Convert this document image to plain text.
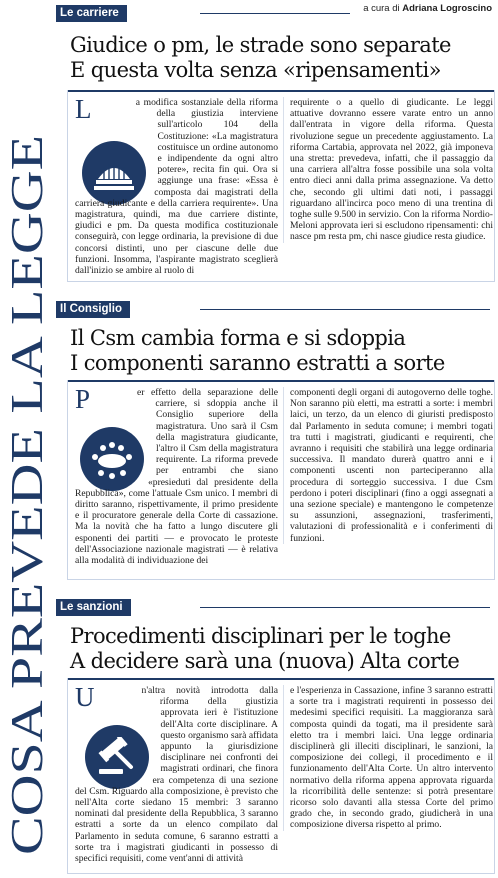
COSA PREVEDE LA LEGGE
a cura di Adriana Logroscino
Le carriere
Giudice o pm, le strade sono separate
E questa volta senza «ripensamenti»
L	a modifica sostanziale della riforma della giustizia interviene sull'articolo 104 della Costituzione: «La magistratura costituisce un ordine autonomo e indipendente da ogni altro potere», recita fin qui. Ora si aggiunge una frase: «Essa è composta dai magistrati della carriera giudicante e della carriera requirente». Una magistratura, quindi, ma due carriere distinte, giudici e pm. Da questa modifica costituzionale conseguirà, con legge ordinaria, la previsione di due concorsi distinti, uno per ciascune delle due funzioni. Insomma, l'aspirante magistrato sceglierà dall'inizio se ambire al ruolo di

requirente o a quello di giudicante. Le leggi attuative dovranno essere varate entro un anno dall'entrata in vigore della riforma. Questa rivoluzione segue un precedente aggiustamento. La riforma Cartabia, approvata nel 2022, già imponeva una stretta: prevedeva, infatti, che il passaggio da una carriera all'altra fosse possibile una sola volta entro dieci anni dalla prima assegnazione. Va detto che, secondo gli ultimi dati noti, i passaggi riguardano all'incirca poco meno di una trentina di toghe sulle 9.500 in servizio. Con la riforma Nordio-Meloni approvata ieri si escludono ripensamenti: chi nasce pm resta pm, chi nasce giudice resta giudice.

Il Consiglio
Il Csm cambia forma e si sdoppia
I componenti saranno estratti a sorte
P	er effetto della separazione delle carriere, si sdoppia anche il Consiglio superiore della magistratura. Uno sarà il Csm della magistratura giudicante, l'altro il Csm della magistratura requirente. La riforma prevede per entrambi che siano «presieduti dal presidente della Repubblica», come l'attuale Csm unico. I membri di diritto saranno, rispettivamente, il primo presidente e il procuratore generale della Corte di cassazione. Ma la novità che ha fatto a lungo discutere gli esponenti dei partiti — e provocato le proteste dell'Associazione nazionale magistrati — è relativa alla modalità di individuazione dei

componenti degli organi di autogoverno delle toghe. Non saranno più eletti, ma estratti a sorte: i membri laici, un terzo, da un elenco di giuristi predisposto dal Parlamento in seduta comune; i membri togati tra tutti i magistrati, giudicanti e requirenti, che avranno i requisiti che stabilirà una legge ordinaria successiva. Il mandato durerà quattro anni e i componenti uscenti non parteciperanno alla procedura di sorteggio successiva. I due Csm perdono i poteri disciplinari (fino a oggi assegnati a una sezione speciale) e mantengono le competenze su assunzioni, assegnazioni, trasferimenti, valutazioni di professionalità e i conferimenti di funzioni.

Le sanzioni
Procedimenti disciplinari per le toghe
A decidere sarà una (nuova) Alta corte
U	n'altra novità introdotta dalla riforma della giustizia approvata ieri è l'istituzione dell'Alta corte disciplinare. A questo organismo sarà affidata appunto la giurisdizione disciplinare nei confronti dei magistrati ordinari, che finora era competenza di una sezione del Csm. Riguardo alla composizione, è previsto che nell'Alta corte siedano 15 membri: 3 saranno nominati dal presidente della Repubblica, 3 saranno estratti a sorte da un elenco compilato dal Parlamento in seduta comune, 6 saranno estratti a sorte tra i magistrati giudicanti in possesso di specifici requisiti, come vent'anni di attività

e l'esperienza in Cassazione, infine 3 saranno estratti a sorte tra i magistrati requirenti in possesso dei medesimi specifici requisiti. La maggioranza sarà composta quindi da togati, ma il presidente sarà eletto tra i membri laici. Una legge ordinaria disciplinerà gli illeciti disciplinari, le sanzioni, la composizione dei collegi, il procedimento e il funzionamento dell'Alta Corte. Un altro intervento normativo della riforma appena approvata riguarda la ricorribilità delle sentenze: si potrà presentare ricorso solo davanti alla stessa Corte del primo grado che, in secondo grado, giudicherà in una composizione diversa rispetto al primo.
